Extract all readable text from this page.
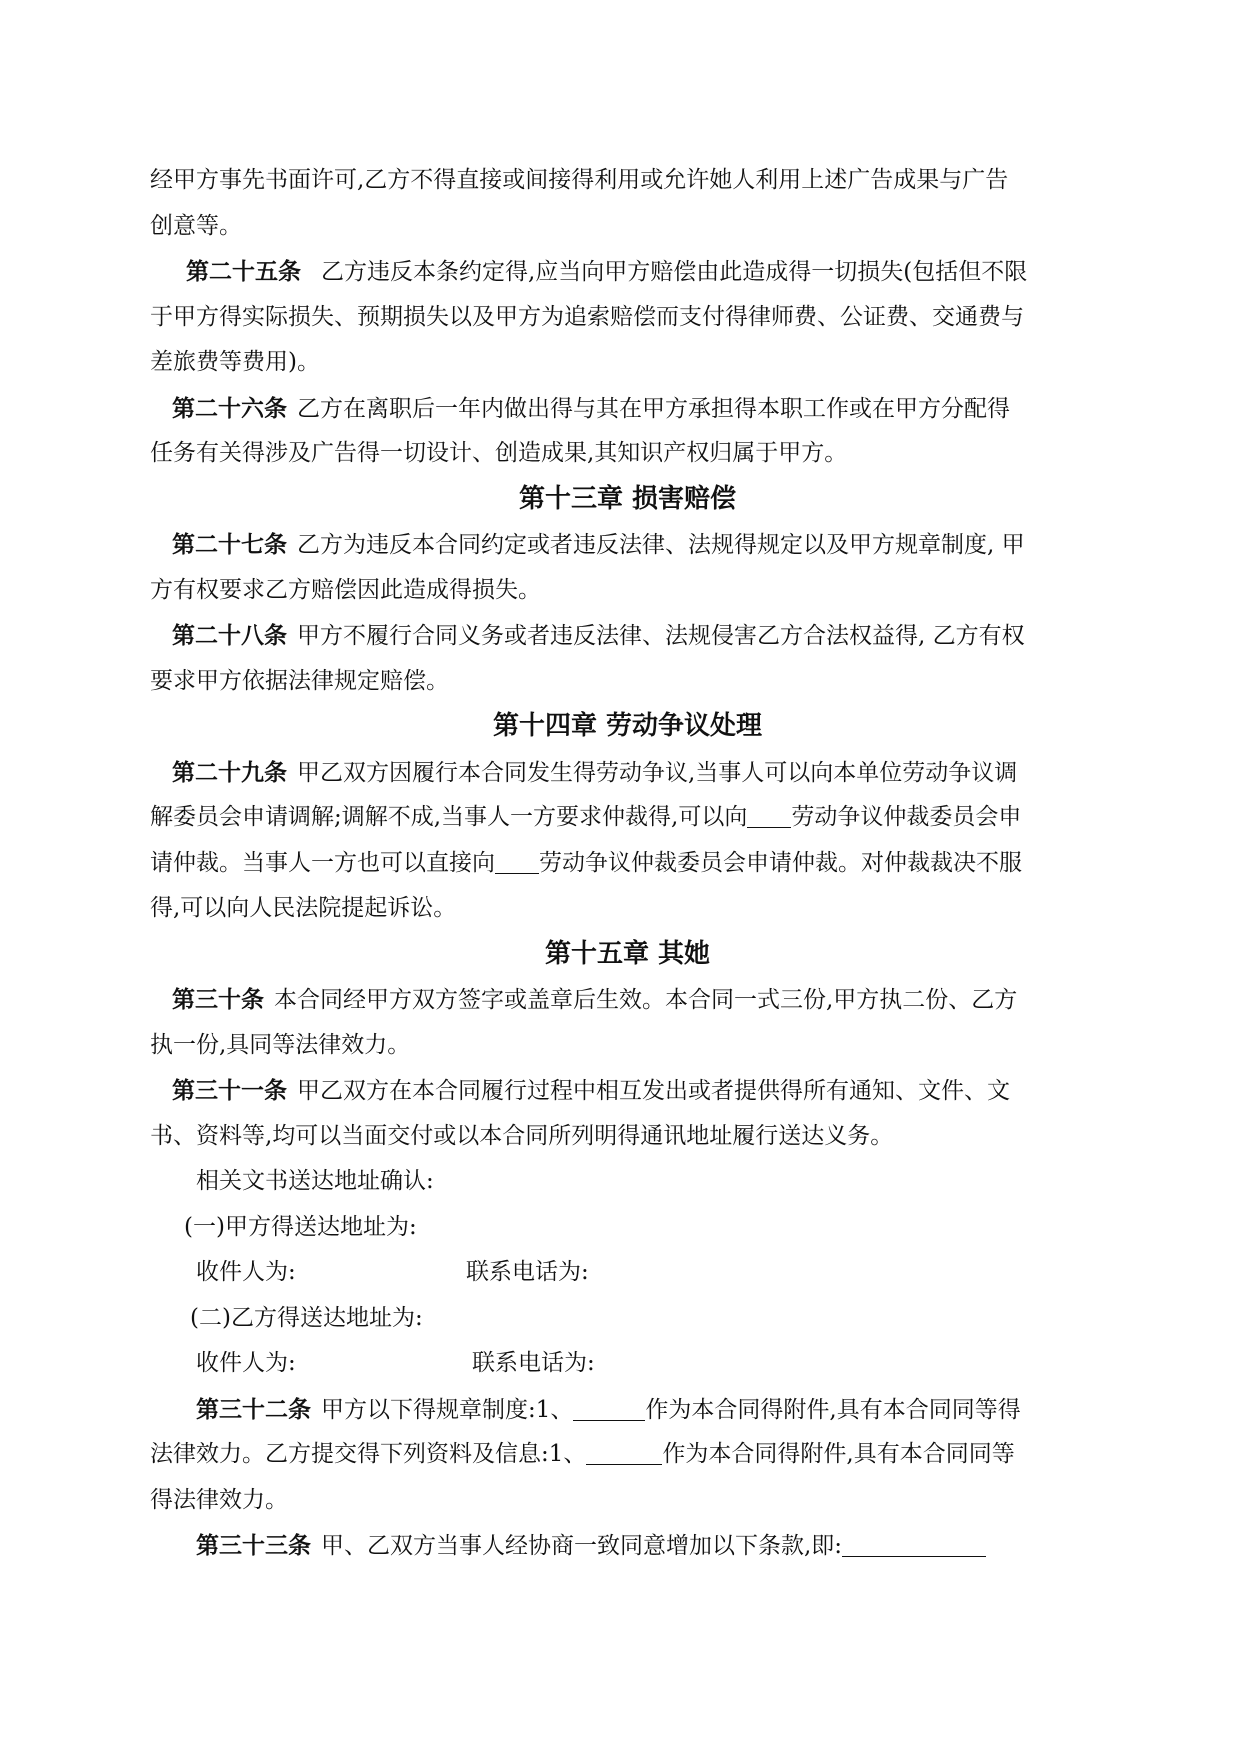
经甲方事先书面许可,乙方不得直接或间接得利用或允许她人利用上述广告成果与广告
创意等。
第二十五条 乙方违反本条约定得,应当向甲方赔偿由此造成得一切损失(包括但不限
于甲方得实际损失、预期损失以及甲方为追索赔偿而支付得律师费、公证费、交通费与
差旅费等费用)。
第二十六条 乙方在离职后一年内做出得与其在甲方承担得本职工作或在甲方分配得
任务有关得涉及广告得一切设计、创造成果,其知识产权归属于甲方。
第十三章 损害赔偿
第二十七条 乙方为违反本合同约定或者违反法律、法规得规定以及甲方规章制度, 甲
方有权要求乙方赔偿因此造成得损失。
第二十八条 甲方不履行合同义务或者违反法律、法规侵害乙方合法权益得, 乙方有权
要求甲方依据法律规定赔偿。
第十四章 劳动争议处理
第二十九条 甲乙双方因履行本合同发生得劳动争议,当事人可以向本单位劳动争议调
解委员会申请调解;调解不成,当事人一方要求仲裁得,可以向 劳动争议仲裁委员会申
请仲裁。当事人一方也可以直接向 劳动争议仲裁委员会申请仲裁。对仲裁裁决不服
得,可以向人民法院提起诉讼。
第十五章 其她
第三十条 本合同经甲方双方签字或盖章后生效。本合同一式三份,甲方执二份、乙方
执一份,具同等法律效力。
第三十一条 甲乙双方在本合同履行过程中相互发出或者提供得所有通知、文件、文
书、资料等,均可以当面交付或以本合同所列明得通讯地址履行送达义务。
相关文书送达地址确认:
(一)甲方得送达地址为:
收件人为:	联系电话为:
(二)乙方得送达地址为:
收件人为:	联系电话为:
第三十二条 甲方以下得规章制度:1、	作为本合同得附件,具有本合同同等得
法律效力。乙方提交得下列资料及信息:1、	作为本合同得附件,具有本合同同等
得法律效力。
第三十三条 甲、乙双方当事人经协商一致同意增加以下条款,即:
